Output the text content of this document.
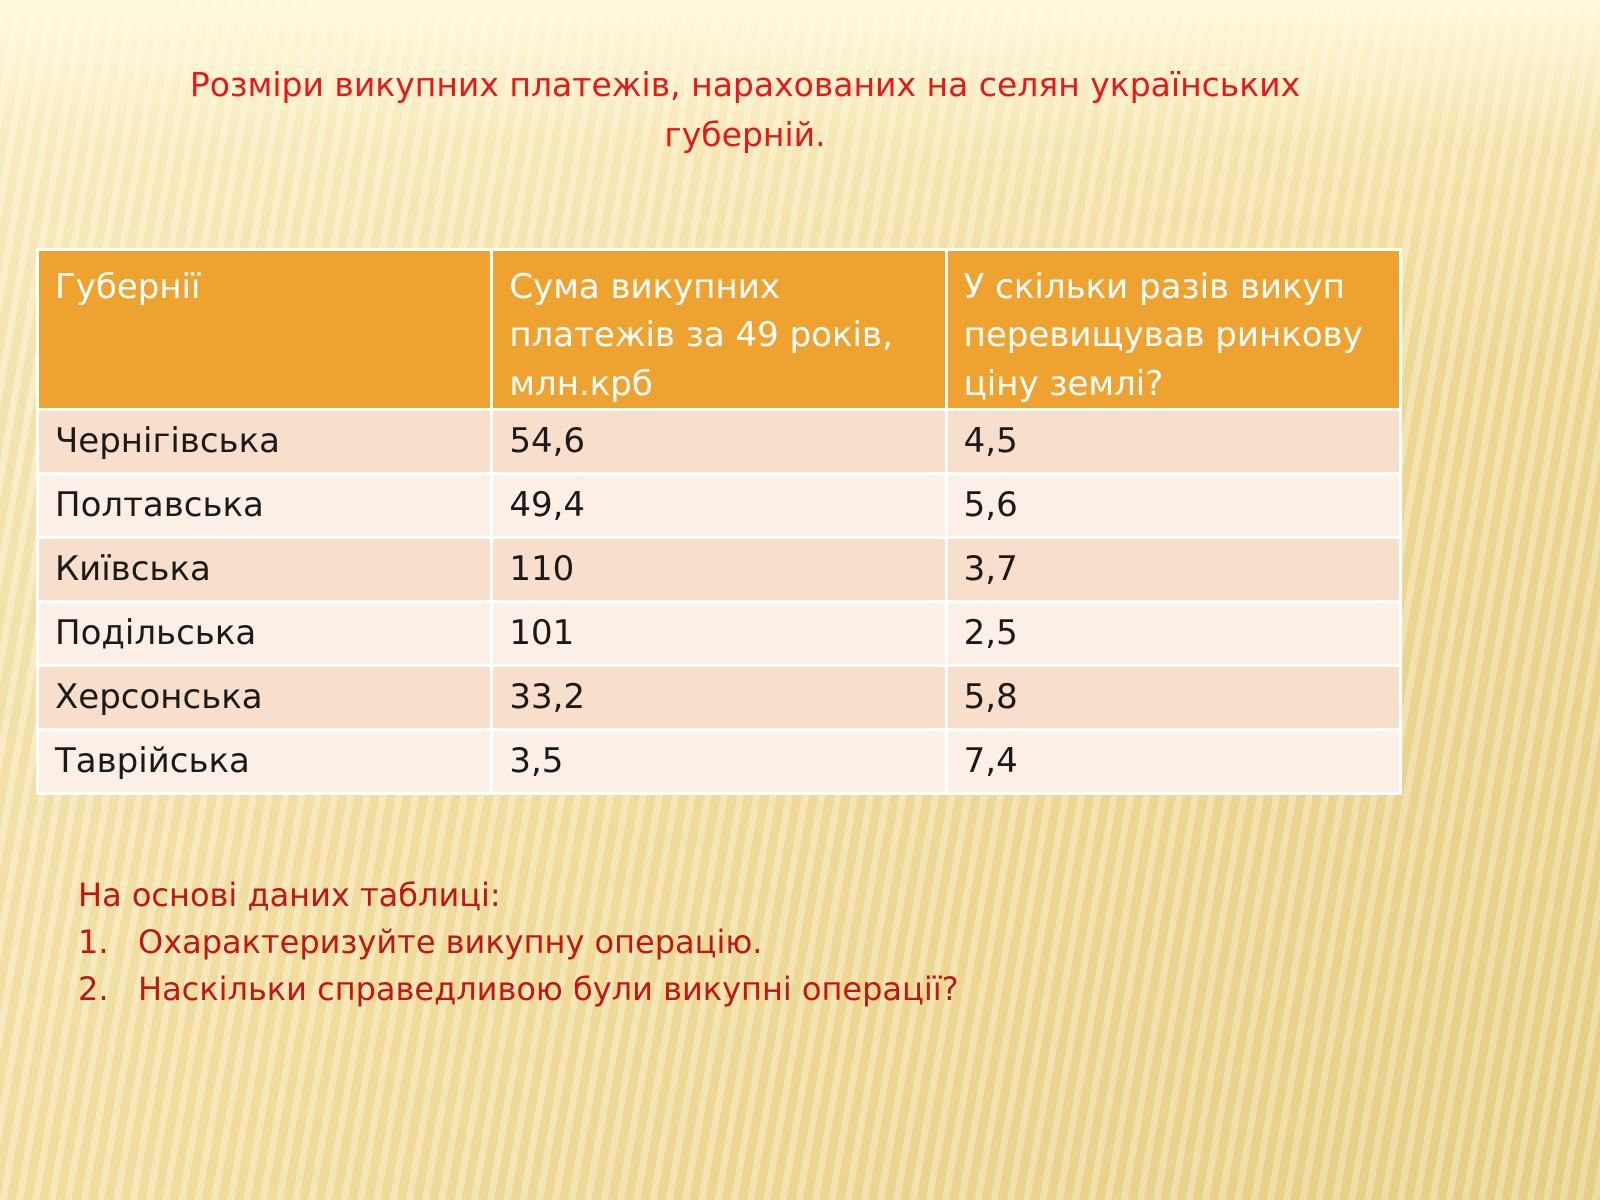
Розміри викупних платежів, нарахованих на селян українських губерній.
Губернії	Сума викупних платежів за 49 років, млн.крб	У скільки разів викуп перевищував ринкову ціну землі?
Чернігівська	54,6	4,5
Полтавська	49,4	5,6
Київська	110	3,7
Подільська	101	2,5
Херсонська	33,2	5,8
Таврійська	3,5	7,4
На основі даних таблиці:
1. Охарактеризуйте викупну операцію.
2. Наскільки справедливою були викупні операції?
